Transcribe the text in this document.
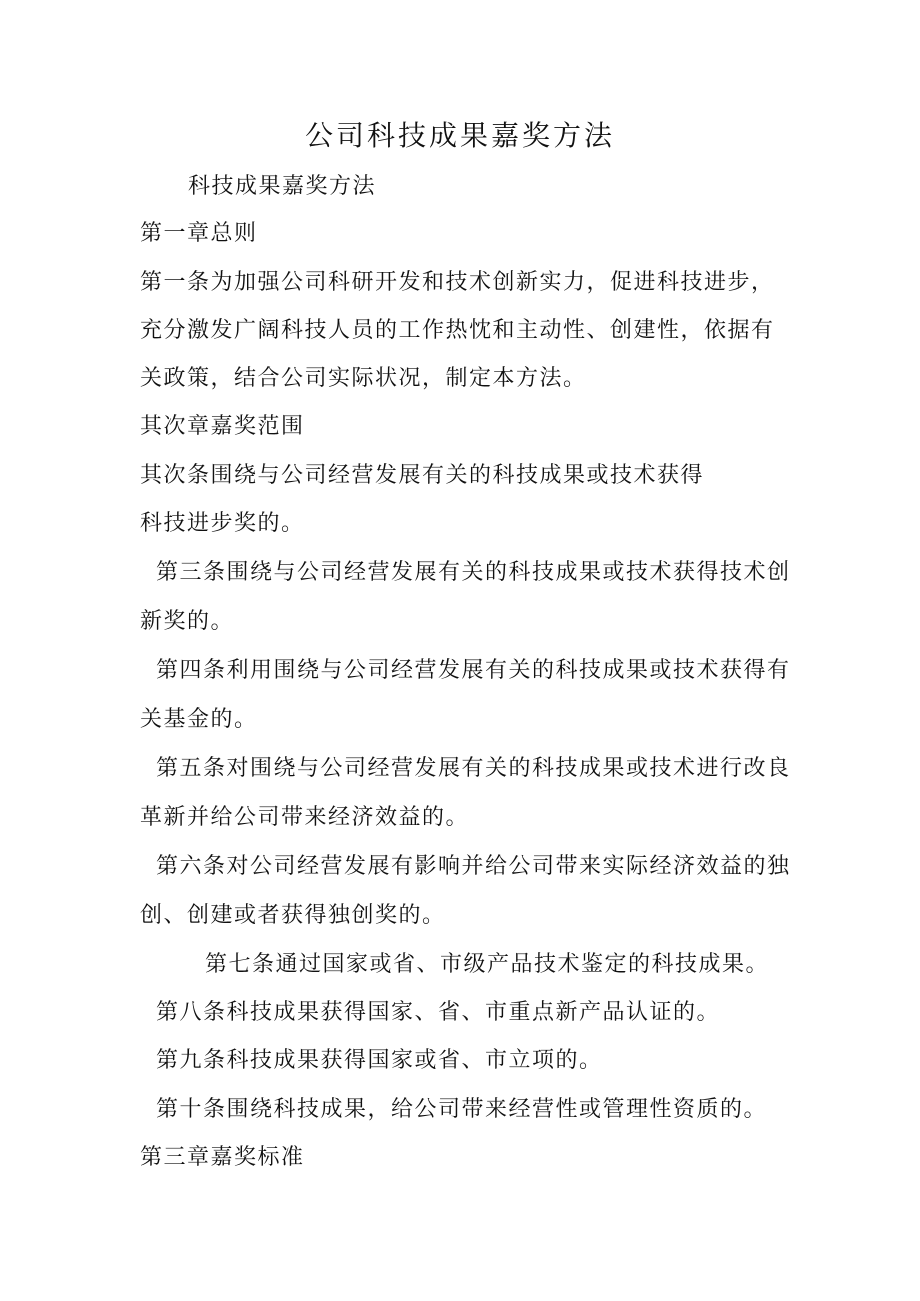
公司科技成果嘉奖方法
科技成果嘉奖方法
第一章总则
第一条为加强公司科研开发和技术创新实力，促进科技进步，
充分激发广阔科技人员的工作热忱和主动性、创建性，依据有
关政策，结合公司实际状况，制定本方法。
其次章嘉奖范围
其次条围绕与公司经营发展有关的科技成果或技术获得
科技进步奖的。
第三条围绕与公司经营发展有关的科技成果或技术获得技术创
新奖的。
第四条利用围绕与公司经营发展有关的科技成果或技术获得有
关基金的。
第五条对围绕与公司经营发展有关的科技成果或技术进行改良
革新并给公司带来经济效益的。
第六条对公司经营发展有影响并给公司带来实际经济效益的独
创、创建或者获得独创奖的。
第七条通过国家或省、市级产品技术鉴定的科技成果。
第八条科技成果获得国家、省、市重点新产品认证的。
第九条科技成果获得国家或省、市立项的。
第十条围绕科技成果，给公司带来经营性或管理性资质的。
第三章嘉奖标准
